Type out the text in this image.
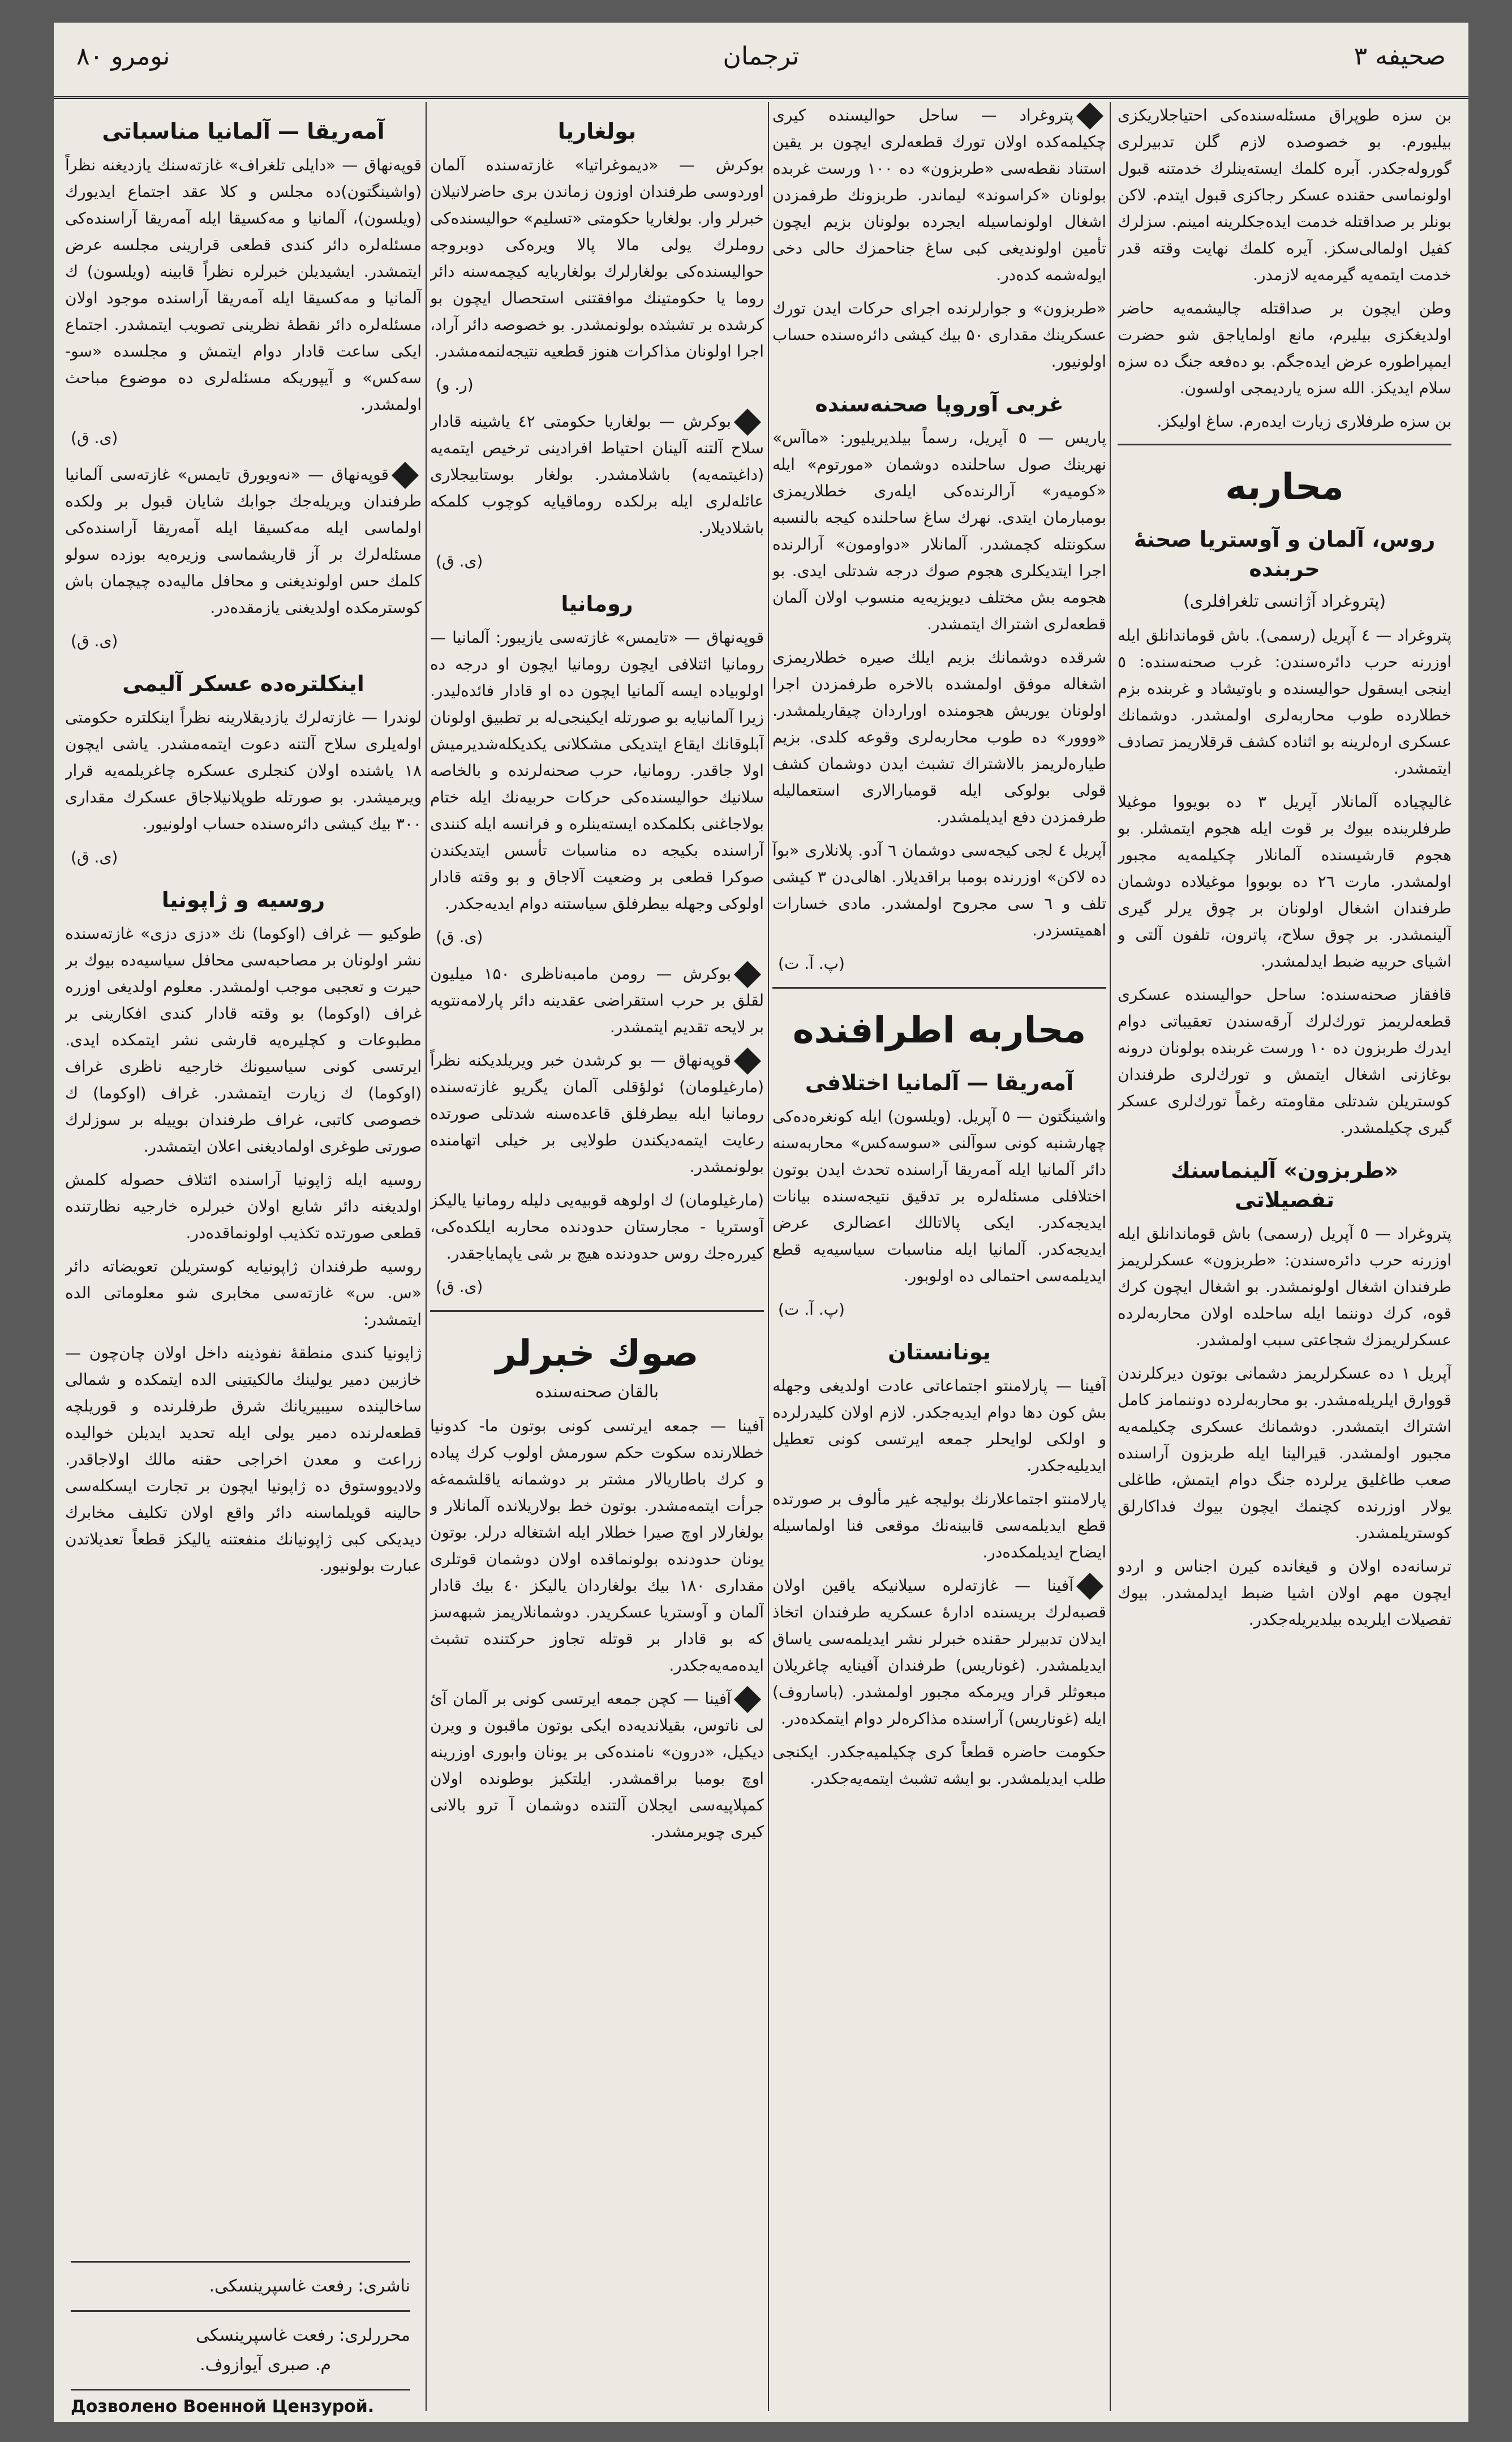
نومرو ۸۰	ترجمان	صحیفه ۳

بن سزه طوپراق مسئله‌سنده‌کی احتیاجلاریکزی بیلیورم. بو خصوصده لازم گلن تدبیرلری گوروله‌جکدر. آبره کلمك ایسته‌ینلرك خدمتنه قبول اولونماسی حقنده عسکر رجاکزی قبول ایتدم. لاکن بونلر بر صداقتله خدمت ایده‌جکلرینه امینم. سزلرك کفیل اولمالی‌سکز. آیره کلمك نهایت وقته قدر خدمت ایتمه‌یه گیرمه‌یه لازمدر.

وطن ایچون بر صداقتله چالیشمه‌یه حاضر اولدیغکزی بیلیرم، مانع اولمایاجق شو حضرت ایمپراطوره عرض ایده‌جگم. بو ده‌فعه جنگ ده سزه سلام ایدیکز. الله سزه یاردیمجی اولسون.

بن سزه طرفلاری زیارت ایده‌رم. ساغ اولیکز.

محاربه
روس، آلمان و آوستریا صحنهٔ حربنده
(پتروغراد آژانسی تلغرافلری)

پتروغراد — ٤ آپریل (رسمی). باش قوماندانلق ایله اوزرنه حرب دائره‌سندن: غرب صحنه‌سنده: ٥ اینجی ایسقول حوالیسنده و باوتیشاد و غربنده بزم خطلارده طوب محاربه‌لری اولمشدر. دوشمانك عسکری اره‌لرینه بو اثناده کشف قرقلاریمز تصادف ایتمشدر.

غالیچیا‌ده آلمانلار آپریل ۳ ده بویووا موغیلا طرفلرینده بیوك بر قوت ایله هجوم ایتمشلر. بو هجوم قارشیسنده آلمانلار چکیلمه‌یه مجبور اولمشدر. مارت ۲٦ ده بوبووا موغیلا‌ده دوشمان طرفندان اشغال اولونان بر چوق یرلر گیری آلینمشدر. بر چوق سلاح، پاترون، تلفون آلتی و اشیای حربیه ضبط ایدلمشدر.

قافقاز صحنه‌سنده: ساحل حوالیسنده عسکری قطعه‌لریمز تورك‌لرك آرقه‌سندن تعقیباتی دوام ایدرك طربزون ده ۱۰ ورست غربنده بولونان درونه بوغازنی اشغال ایتمش و تورك‌لری طرفندان کوستریلن شدتلی مقاومته رغماً تورك‌لری عسکر گیری چکیلمشدر.

«طربزون» آلینماسنك تفصیلاتی

پتروغراد — ٥ آپریل (رسمی) باش قوماندانلق ایله اوزرنه حرب دائره‌سندن: «طربزون» عسکرلریمز طرفندان اشغال اولونمشدر. بو اشغال ایچون کرك قوه، کرك دوننما ایله ساحلده اولان محاربه‌لرده عسکرلریمزك شجاعتی سبب اولمشدر.

آپریل ۱ ده عسکرلریمز دشمانی بوتون دیرکلرندن قووارق ایلریله‌مشدر. بو محاربه‌لرده دوننمامز کامل اشتراك ایتمشدر. دوشمانك عسکری چکیلمه‌یه مجبور اولمشدر. قیرالینا ایله طربزون آراسنده صعب طاغلیق یرلرده جنگ دوام ایتمش، طاغلی یولار اوزرنده کچنمك ایچون بیوك فداکارلق کوستریلمشدر.

ترسانه‌ده اولان و قیغانده کیرن اجناس و اردو ایچون مهم اولان اشیا ضبط ایدلمشدر. بیوك تفصیلات ایلریده بیلدیریله‌جکدر.

پتروغراد — ساحل حوالیسنده کیری چکیلمه‌کده اولان تورك قطعه‌لری ایچون بر یقین استناد نقطه‌سی «طربزون» ده ۱۰۰ ورست غربده بولونان «کراسوند» لیماندر. طربزونك طرفمزدن اشغال اولونماسیله ایجرده بولونان بزیم ایچون تأمین اولوندیغی کبی ساغ جناحمزك حالی دخی ایوله‌شمه کده‌در.

«طربزون» و جوارلرنده اجرای حرکات ایدن تورك عسکرینك مقداری ۵۰ بیك کیشی دائره‌سنده حساب اولونیور.

غربی آوروپا صحنه‌سنده

پاریس — ٥ آپریل، رسماً بیلدیریلیور: «ماآس» نهرینك صول ساحلنده دوشمان «مورتوم» ایله «کومیه‌ر» آرالرنده‌کی ایله‌ری خطلاریمزی بومبارمان ایتدی. نهرك ساغ ساحلنده کیجه بالنسبه سکونتله کچمشدر. آلمانلار «دواومون» آرالرنده اجرا ایتدیکلری هجوم صوك درجه شدتلی ایدی. بو هجومه بش مختلف دیویزیه‌یه منسوب اولان آلمان قطعه‌لری اشتراك ایتمشدر.

شرقده دوشمانك بزیم ایلك صیره خطلاریمزی اشغاله موفق اولمشده بالاخره طرفمزدن اجرا اولونان یوریش هجومنده اوراردان چیقاریلمشدر. «ووور» ده طوب محاربه‌لری وقوعه کلدی. بزیم طیاره‌لریمز بالاشتراك تشبث ایدن دوشمان کشف قولی بولوکی ایله قومبارالاری استعمالیله طرفمزدن دفع ایدیلمشدر.

آپریل ٤ لجی کیجه‌سی دوشمان ٦ آدو. پلانلاری «بوآ ده لاکن» اوزرنده بومبا براقدیلار. اهالی‌دن ۳ کیشی تلف و ٦ سی مجروح اولمشدر. مادی خسارات اهمیتسزدر.

(پ. آ. ت)

محاربه اطرافنده
آمه‌ریقا — آلمانیا اختلافی

واشینگتون — ٥ آپریل. (ویلسون) ایله کونغره‌ده‌کی چهارشنبه کونی سوآلنی «سوسه‌کس» محاربه‌سنه دائر آلمانیا ایله آمه‌ریقا آراسنده تحدث ایدن بوتون اختلافلی مسئله‌لره بر تدقیق نتیجه‌سنده بیانات ایدیجه‌کدر. ایکی پالاتالك اعضالری عرض ایدیجه‌کدر. آلمانیا ایله مناسبات سیاسیه‌یه قطع ایدیلمه‌سی احتمالی ده اولوبور.

(پ. آ. ت)

یونانستان

آفینا — پارلامنتو اجتماعاتی عادت اولدیغی وجهله بش کون دها دوام ایدیه‌جکدر. لازم اولان کلیدرلرده و اولکی لوایحلر جمعه ایرتسی کونی تعطیل ایدیلیه‌جکدر.

پارلامنتو اجتماعلارنك بولیجه غیر مألوف بر صورتده قطع ایدیلمه‌سی قابینه‌نك موقعی فنا اولماسیله ایضاح ایدیلمکده‌در.

آفینا — غازته‌لره سیلانیکه یاقین اولان قصبه‌لرك بریسنده ادارهٔ عسکریه طرفندان اتخاذ ایدلان تدبیرلر حقنده خبرلر نشر ایدیلمه‌سی یاساق ایدیلمشدر. (غوناریس) طرفندان آفینا‌یه چاغریلان مبعوثلر قرار ویرمکه مجبور اولمشدر. (باساروف) ایله (غوناریس) آراسنده مذاکره‌لر دوام ایتمکده‌در.

حکومت حاضره قطعاً کری چکیلمیه‌جکدر. ایکنجی طلب ایدیلمشدر. بو ایشه تشبث ایتمه‌یه‌جکدر.

بولغاریا

بوکرش — «دیموغراتیا» غازته‌سنده آلمان اوردوسی طرفندان اوزون زماندن بری حاضرلانیلان خبرلر وار. بولغاریا حکومتی «تسلیم» حوالیسنده‌کی روملرك یولی مالا پالا ویره‌کی دوبروجه حوالیسنده‌کی بولغارلرك بولغاریایه کیچمه‌سنه دائر روما یا حکومتینك موافقتنی استحصال ایچون بو کرشده بر تشبثده بولونمشدر. بو خصوصه دائر آراد، اجرا اولونان مذاکرات هنوز قطعیه نتیجه‌لنمه‌مشدر.

(ر. و)

بوکرش — بولغاریا حکومتی ٤۲ یاشینه قادار سلاح آلتنه آلینان احتیاط افرادینی ترخیص ایتمه‌یه (داغیتمه‌یه) باشلامشدر. بولغار بوستابیجلاری عائله‌لری ایله برلکده روماقیایه کوچوب کلمکه باشلادیلار.

(ی. ق)

رومانیا

قوپه‌نهاق — «تایمس» غازته‌سی یازیبور: آلمانیا — رومانیا ائتلافی ایچون رومانیا ایچون او درجه ده اولوبیاده ایسه آلمانیا ایچون ده او قادار فائده‌لیدر. زیرا آلمانیا‌یه بو صورتله ایکینجی‌له بر تطبیق اولونان آبلوقانك ایقاع ایتدیکی مشکلانی یکدیکله‌شدیرمیش اولا جاقدر. رومانیا، حرب صحنه‌لرنده و بالخاصه سلانیك حوالیسنده‌کی حرکات حربیه‌نك ایله ختام بولاجاغنی بکلمکده ایسته‌ینلره و فرانسه ایله کنندی آراسنده بکیجه ده مناسبات تأسس ایتدیکندن صوکرا قطعی بر وضعیت آلاجاق و بو وقته قادار اولوکی وجهله بیطرفلق سیاستنه دوام ایدیه‌جکدر.

(ی. ق)

بوکرش — رومن مامبه‌ناظری ۱۵۰ میلیون لقلق بر حرب استقراضی عقدینه دائر پارلامه‌نتویه بر لایحه تقدیم ایتمشدر.

قوپه‌نهاق — بو کرشدن خبر ویریلدیکنه نظراً (مارغیلومان) ئولؤقلی آلمان یگریو غازته‌سنده رومانیا ایله بیطرفلق قاعده‌سنه شدتلی صورتده رعایت ایتمه‌دیکندن طولایی بر خیلی اتهامنده بولونمشدر.

(مارغیلومان) ك اولوهه قوبیه‌یی دلیله رومانیا یالیکز آوستریا - مجارستان حدودنده محاربه ایلکده‌کی، کیرره‌جك روس حدودنده هیچ بر شی یاپمایاجقدر.

(ی. ق)

صوك خبرلر
بالقان صحنه‌سنده

آفینا — جمعه ایرتسی کونی بوتون ما- کدونیا خطلارنده سکوت حکم سورمش اولوب کرك پیاده و کرك باطاریالار مشتر بر دوشمانه یاقلشمه‌غه جرأت ایتمه‌مشدر. بوتون خط بولاریلانده آلمانلار و بولغارلار اوچ صیرا خطلار ایله اشتغاله درلر. بوتون یونان حدودنده بولونماقده اولان دوشمان قوتلری مقداری ۱۸۰ بیك بولغاردان یالیکز ٤۰ بیك قادار آلمان و آوستریا عسکریدر. دوشمانلاریمز شبهه‌سز که بو قادار بر قوتله تجاوز حرکتنده تشبث ایده‌مه‌یه‌جکدر.

آفینا — کچن جمعه ایرتسی کونی بر آلمان آئ لی ناتوس، بقیلاندیه‌ده ایکی بوتون ماقبون و ویرن دیکیل، «درون» نامنده‌کی بر یونان وابوری اوزرینه اوچ بومبا براقمشدر. ایلتکیز بوطونده اولان کمپلاپیه‌سی ایجلان آلتنده دوشمان آ ترو بالانی کیری چویرمشدر.

آمه‌ریقا — آلمانیا مناسباتی

قوپه‌نهاق — «دایلی تلغراف» غازته‌سنك یازدیغنه نظراً (واشینگتون)‌ده مجلس و کلا عقد اجتماع ایدیورك (ویلسون)، آلمانیا و مه‌کسیقا ایله آمه‌ریقا آراسنده‌کی مسئله‌لره دائر کندی قطعی قرارینی مجلسه عرض ایتمشدر. ایشیدیلن خبرلره نظراً قابینه (ویلسون) ك آلمانیا و مه‌کسیقا ایله آمه‌ریقا آراسنده موجود اولان مسئله‌لره دائر نقطهٔ نظرینی تصویب ایتمشدر. اجتماع ایکی ساعت قادار دوام ایتمش و مجلسده «سو- سه‌کس» و آیپوریکه مسئله‌لری ده موضوع مباحث اولمشدر.

(ی. ق)

قوپه‌نهاق — «نه‌ویورق تایمس» غازته‌سی آلمانیا طرفندان ویریله‌جك جوابك شایان قبول بر ولکده اولماسی ایله مه‌کسیقا ایله آمه‌ریقا آراسنده‌کی مسئله‌لرك بر آز قاریشماسی وزیره‌یه بوزده سولو کلمك حس اولوندیغنی و محافل مالیه‌ده چیچمان باش کوسترمکده اولدیغنی یازمقده‌در.

(ی. ق)

اینکلتره‌ده عسکر آلیمی

لوندرا — غازته‌لرك یازدیقلارینه نظراً اینکلتره حکومتی اوله‌یلری سلاح آلتنه دعوت ایتمه‌مشدر. یاشی ایچون ۱۸ یاشنده اولان کنجلری عسکره چاغریلمه‌یه قرار ویرمیشدر. بو صورتله طوپلانیلاجاق عسکرك مقداری ۳۰۰ بیك کیشی دائره‌سنده حساب اولونیور.

(ی. ق)

روسیه و ژاپونیا

طوکیو — غراف (اوکوما) نك «دزی دزی» غازته‌سنده نشر اولونان بر مصاحبه‌سی محافل سیاسیه‌ده بیوك بر حیرت و تعجبی موجب اولمشدر. معلوم اولدیغی اوزره غراف (اوکوما) بو وقته قادار کندی افکارینی بر مطبوعات و کچلیره‌یه قارشی نشر ایتمکده ایدی. ایرتسی کونی سیاسیونك خارجیه ناظری غراف (اوکوما) ك زیارت ایتمشدر. غراف (اوکوما) ك خصوصی کاتبی، غراف طرفندان بوییله بر سوزلرك صورتی طوغری اولمادیغنی اعلان ایتمشدر.

روسیه ایله ژاپونیا آراسنده ائتلاف حصوله کلمش اولدیغنه دائر شایع اولان خبرلره خارجیه نظارتنده قطعی صورتده تکذیب اولونماقده‌در.

روسیه طرفندان ژاپونیا‌یه کوستریلن تعویضاته دائر «س. س» غازته‌سی مخابری شو معلوماتی الده ایتمشدر:

ژاپونیا کندی منطقهٔ نفوذینه داخل اولان چان‌چون — خازبین دمیر یولینك مالکیتینی الده ایتمکده و شمالی ساخالینده سیبیریانك شرق طرفلرنده و قوریلچه قطعه‌لرنده دمیر یولی ایله تحدید ایدیلن خوالیده زراعت و معدن اخراجی حقنه مالك اولاجاقدر. ولادیووستوق ده ژاپونیا ایچون بر تجارت ایسکله‌سی حالینه قویلماسنه دائر واقع اولان تکلیف مخابرك دیدیکی کبی ژاپونیانك منفعتنه یالیکز قطعاً تعدیلاتدن عبارت بولونیور.

ناشری: رفعت غاسپرینسکی.
محررلری: رفعت غاسپرینسکی
م. صبری آیوازوف.
Дозволено Военной Цензурой.
